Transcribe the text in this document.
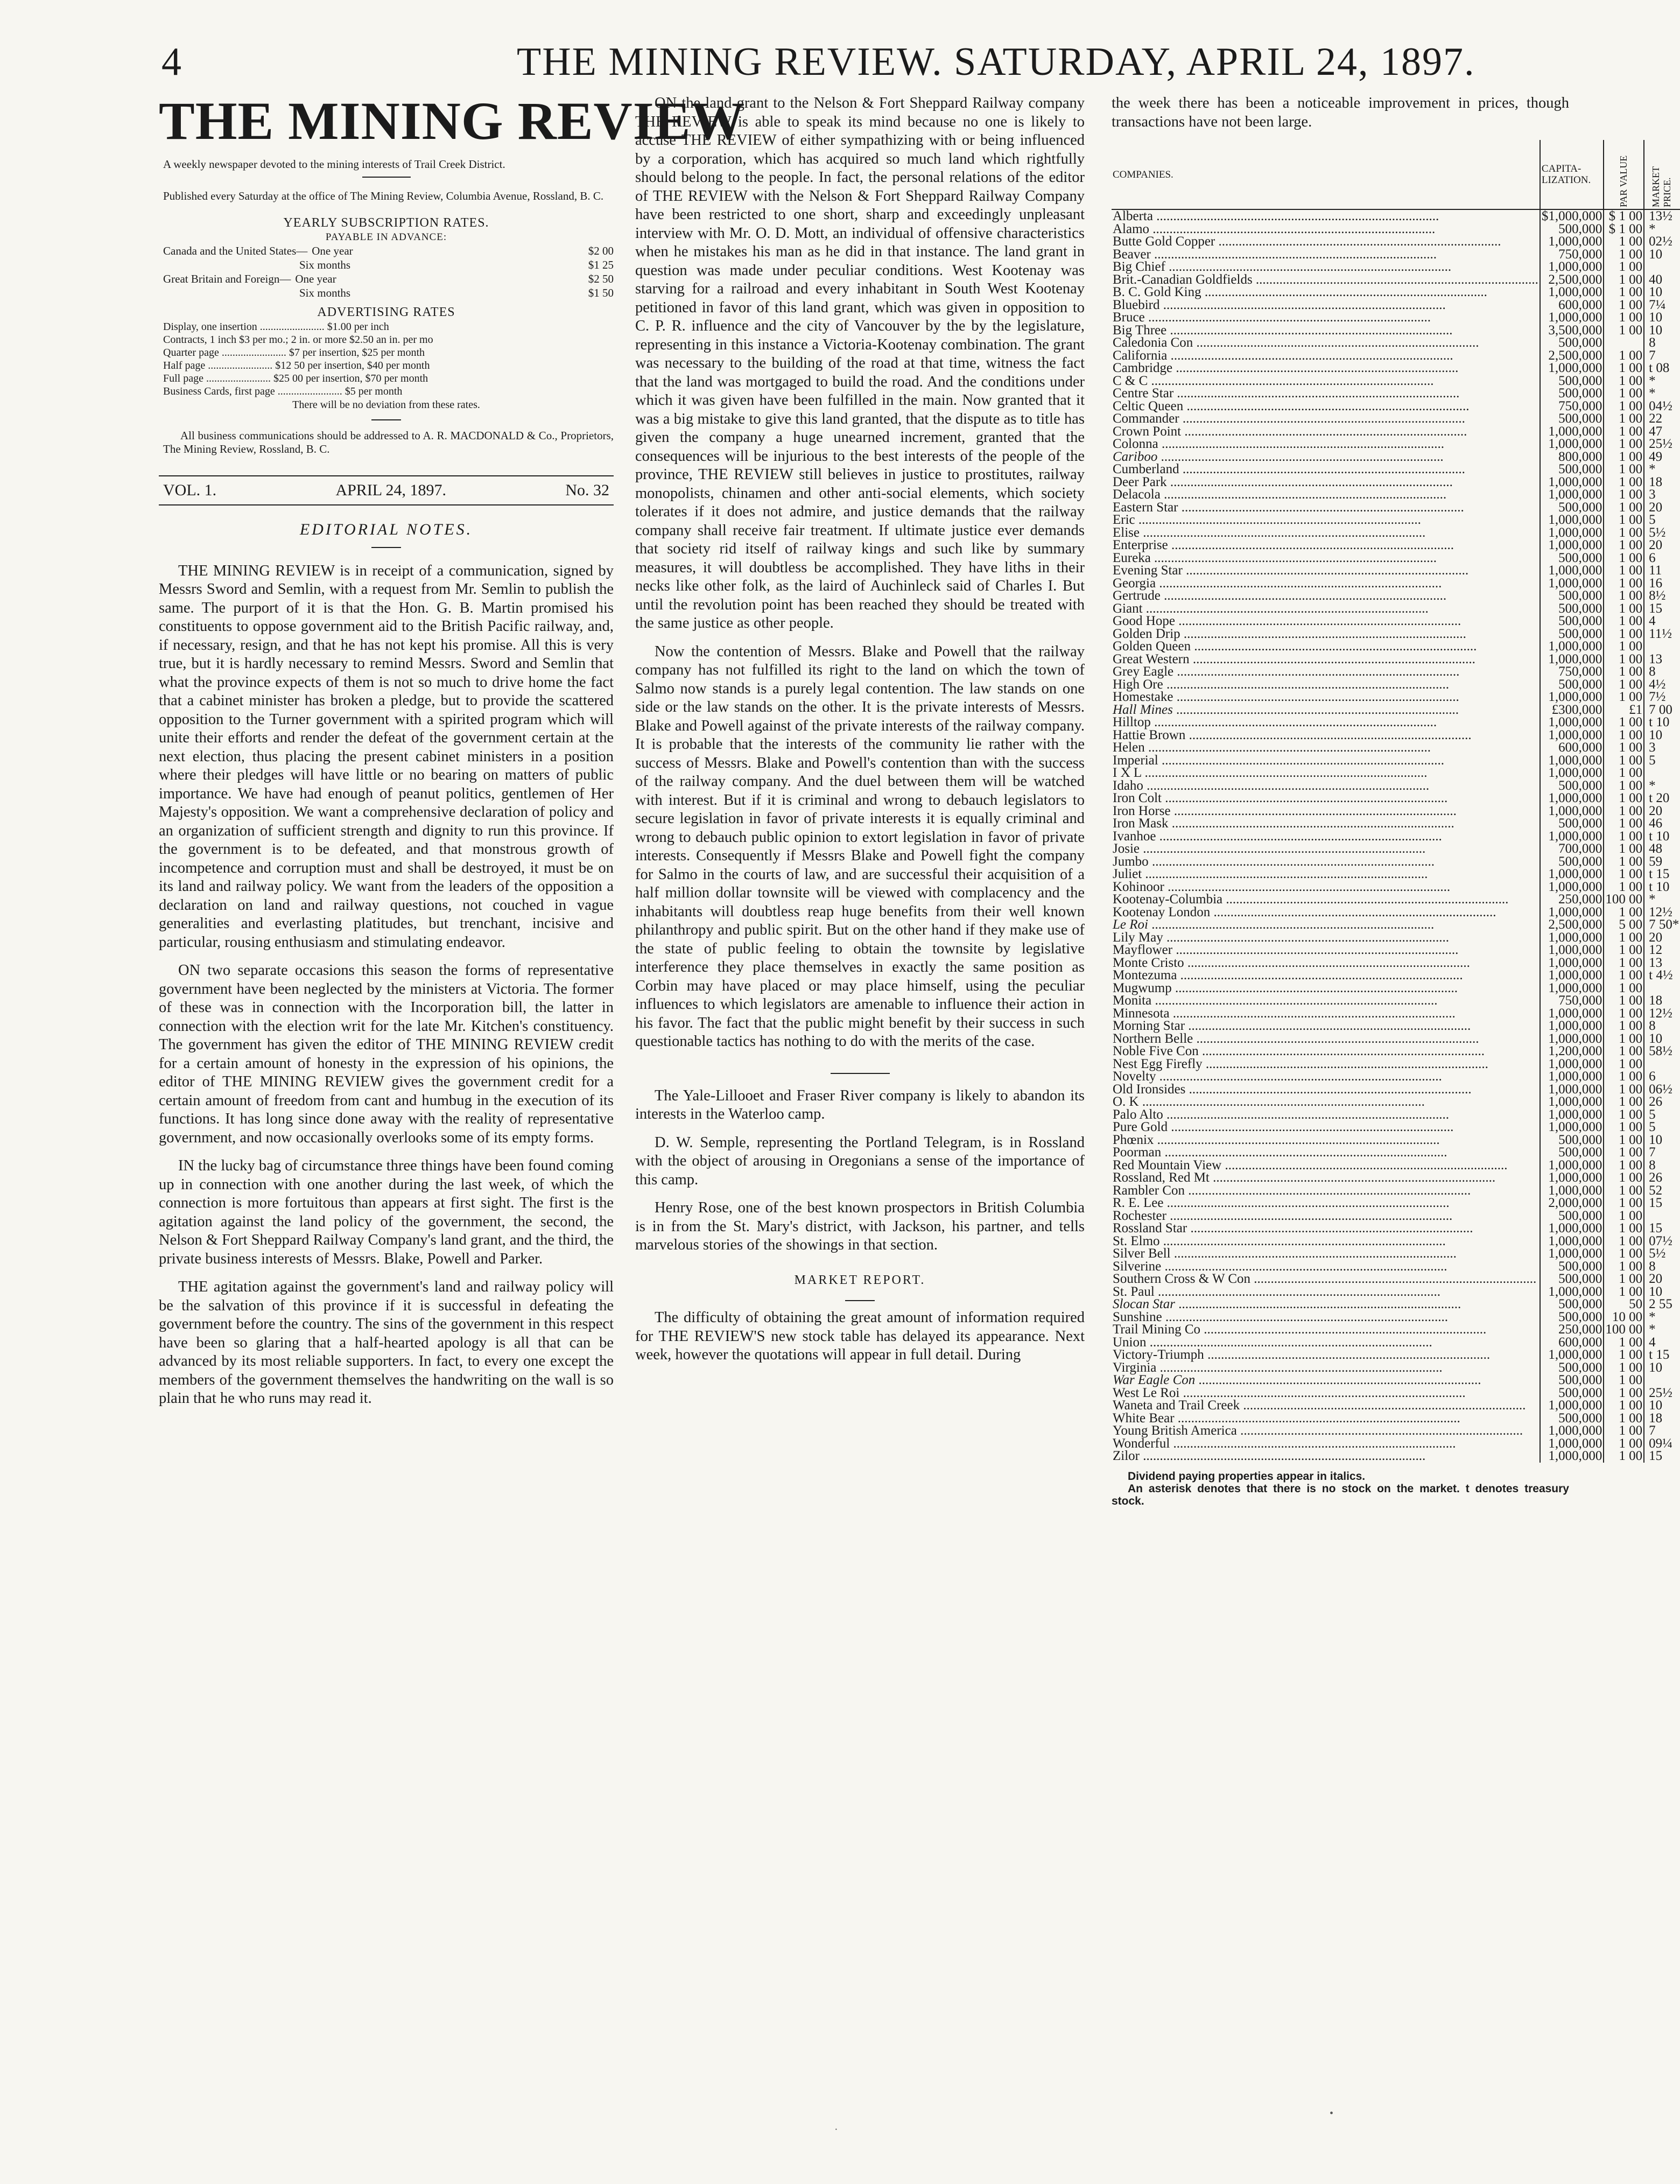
4	THE MINING REVIEW. SATURDAY, APRIL 24, 1897.
THE MINING REVIEW
A weekly newspaper devoted to the mining interests of Trail Creek District.
Published every Saturday at the office of The Mining Review, Columbia Avenue, Rossland, B. C.
YEARLY SUBSCRIPTION RATES.
PAYABLE IN ADVANCE:
Canada and the United States— One year	$2 00
Six months	$1 25
Great Britain and Foreign— One year	$2 50
Six months	$1 50
ADVERTISING RATES
Display, one insertion ........................ $1.00 per inch
Contracts, 1 inch $3 per mo.; 2 in. or more $2.50 an in. per mo
Quarter page ........................ $7 per insertion, $25 per month
Half page ........................ $12 50 per insertion, $40 per month
Full page ........................ $25 00 per insertion, $70 per month
Business Cards, first page ........................ $5 per month
There will be no deviation from these rates.
All business communications should be addressed to A. R. MACDONALD & Co., Proprietors, The Mining Review, Rossland, B. C.
VOL. 1.	APRIL 24, 1897.	No. 32
EDITORIAL NOTES.

THE MINING REVIEW is in receipt of a communication, signed by Messrs Sword and Semlin, with a request from Mr. Semlin to publish the same. The purport of it is that the Hon. G. B. Martin promised his constituents to oppose government aid to the British Pacific railway, and, if necessary, resign, and that he has not kept his promise. All this is very true, but it is hardly necessary to remind Messrs. Sword and Semlin that what the province expects of them is not so much to drive home the fact that a cabinet minister has broken a pledge, but to provide the scattered opposition to the Turner government with a spirited program which will unite their efforts and render the defeat of the government certain at the next election, thus placing the present cabinet ministers in a position where their pledges will have little or no bearing on matters of public importance. We have had enough of peanut politics, gentlemen of Her Majesty's opposition. We want a comprehensive declaration of policy and an organization of sufficient strength and dignity to run this province. If the government is to be defeated, and that monstrous growth of incompetence and corruption must and shall be destroyed, it must be on its land and railway policy. We want from the leaders of the opposition a declaration on land and railway questions, not couched in vague generalities and everlasting platitudes, but trenchant, incisive and particular, rousing enthusiasm and stimulating endeavor.

ON two separate occasions this season the forms of representative government have been neglected by the ministers at Victoria. The former of these was in connection with the Incorporation bill, the latter in connection with the election writ for the late Mr. Kitchen's constituency. The government has given the editor of THE MINING REVIEW credit for a certain amount of honesty in the expression of his opinions, the editor of THE MINING REVIEW gives the government credit for a certain amount of freedom from cant and humbug in the execution of its functions. It has long since done away with the reality of representative government, and now occasionally overlooks some of its empty forms.

IN the lucky bag of circumstance three things have been found coming up in connection with one another during the last week, of which the connection is more fortuitous than appears at first sight. The first is the agitation against the land policy of the government, the second, the Nelson & Fort Sheppard Railway Company's land grant, and the third, the private business interests of Messrs. Blake, Powell and Parker.

THE agitation against the government's land and railway policy will be the salvation of this province if it is successful in defeating the government before the country. The sins of the government in this respect have been so glaring that a half-hearted apology is all that can be advanced by its most reliable supporters. In fact, to every one except the members of the government themselves the handwriting on the wall is so plain that he who runs may read it.

ON the land grant to the Nelson & Fort Sheppard Railway company THE REVIEW is able to speak its mind because no one is likely to accuse THE REVIEW of either sympathizing with or being influenced by a corporation, which has acquired so much land which rightfully should belong to the people. In fact, the personal relations of the editor of THE REVIEW with the Nelson & Fort Sheppard Railway Company have been restricted to one short, sharp and exceedingly unpleasant interview with Mr. O. D. Mott, an individual of offensive characteristics when he mistakes his man as he did in that instance. The land grant in question was made under peculiar conditions. West Kootenay was starving for a railroad and every inhabitant in South West Kootenay petitioned in favor of this land grant, which was given in opposition to C. P. R. influence and the city of Vancouver by the by the legislature, representing in this instance a Victoria-Kootenay combination. The grant was necessary to the building of the road at that time, witness the fact that the land was mortgaged to build the road. And the conditions under which it was given have been fulfilled in the main. Now granted that it was a big mistake to give this land granted, that the dispute as to title has given the company a huge unearned increment, granted that the consequences will be injurious to the best interests of the people of the province, THE REVIEW still believes in justice to prostitutes, railway monopolists, chinamen and other anti-social elements, which society tolerates if it does not admire, and justice demands that the railway company shall receive fair treatment. If ultimate justice ever demands that society rid itself of railway kings and such like by summary measures, it will doubtless be accomplished. They have liths in their necks like other folk, as the laird of Auchinleck said of Charles I. But until the revolution point has been reached they should be treated with the same justice as other people.

Now the contention of Messrs. Blake and Powell that the railway company has not fulfilled its right to the land on which the town of Salmo now stands is a purely legal contention. The law stands on one side or the law stands on the other. It is the private interests of Messrs. Blake and Powell against of the private interests of the railway company. It is probable that the interests of the community lie rather with the success of Messrs. Blake and Powell's contention than with the success of the railway company. And the duel between them will be watched with interest. But if it is criminal and wrong to debauch legislators to secure legislation in favor of private interests it is equally criminal and wrong to debauch public opinion to extort legislation in favor of private interests. Consequently if Messrs Blake and Powell fight the company for Salmo in the courts of law, and are successful their acquisition of a half million dollar townsite will be viewed with complacency and the inhabitants will doubtless reap huge benefits from their well known philanthropy and public spirit. But on the other hand if they make use of the state of public feeling to obtain the townsite by legislative interference they place themselves in exactly the same position as Corbin may have placed or may place himself, using the peculiar influences to which legislators are amenable to influence their action in his favor. The fact that the public might benefit by their success in such questionable tactics has nothing to do with the merits of the case.

The Yale-Lillooet and Fraser River company is likely to abandon its interests in the Waterloo camp.

D. W. Semple, representing the Portland Telegram, is in Rossland with the object of arousing in Oregonians a sense of the importance of this camp.

Henry Rose, one of the best known prospectors in British Columbia is in from the St. Mary's district, with Jackson, his partner, and tells marvelous stories of the showings in that section.

MARKET REPORT.

The difficulty of obtaining the great amount of information required for THE REVIEW'S new stock table has delayed its appearance. Next week, however the quotations will appear in full detail. During

the week there has been a noticeable improvement in prices, though transactions have not been large.
COMPANIES.	CAPITA-LIZATION.	PAR VALUE	MARKET PRICE.
Alberta .....	$1,000,000	$ 1 00	13½
Alamo .....	500,000	$ 1 00	*
Butte Gold Copper .....	1,000,000	1 00	02½
Beaver .....	750,000	1 00	10
Big Chief .....	1,000,000	1 00	
Brit.-Canadian Goldfields .....	2,500,000	1 00	40
B. C. Gold King .....	1,000,000	1 00	10
Bluebird .....	600,000	1 00	7¼
Bruce .....	1,000,000	1 00	10
Big Three .....	3,500,000	1 00	10
Caledonia Con .....	500,000		8
California .....	2,500,000	1 00	7
Cambridge .....	1,000,000	1 00	t 08
C & C .....	500,000	1 00	*
Centre Star .....	500,000	1 00	*
Celtic Queen .....	750,000	1 00	04½
Commander .....	500,000	1 00	22
Crown Point .....	1,000,000	1 00	47
Colonna .....	1,000,000	1 00	25½
Cariboo .....	800,000	1 00	49
Cumberland .....	500,000	1 00	*
Deer Park .....	1,000,000	1 00	18
Delacola .....	1,000,000	1 00	3
Eastern Star .....	500,000	1 00	20
Eric .....	1,000,000	1 00	5
Elise .....	1,000,000	1 00	5½
Enterprise .....	1,000,000	1 00	20
Eureka .....	500,000	1 00	6
Evening Star .....	1,000,000	1 00	11
Georgia .....	1,000,000	1 00	16
Gertrude .....	500,000	1 00	8½
Giant .....	500,000	1 00	15
Good Hope .....	500,000	1 00	4
Golden Drip .....	500,000	1 00	11½
Golden Queen .....	1,000,000	1 00	
Great Western .....	1,000,000	1 00	13
Grey Eagle .....	750,000	1 00	8
High Ore .....	500,000	1 00	4½
Homestake .....	1,000,000	1 00	7½
Hall Mines .....	£300,000	£1	7 00
Hilltop .....	1,000,000	1 00	t 10
Hattie Brown .....	1,000,000	1 00	10
Helen .....	600,000	1 00	3
Imperial .....	1,000,000	1 00	5
I X L .....	1,000,000	1 00	
Idaho .....	500,000	1 00	*
Iron Colt .....	1,000,000	1 00	t 20
Iron Horse .....	1,000,000	1 00	20
Iron Mask .....	500,000	1 00	46
Ivanhoe .....	1,000,000	1 00	t 10
Josie .....	700,000	1 00	48
Jumbo .....	500,000	1 00	59
Juliet .....	1,000,000	1 00	t 15
Kohinoor .....	1,000,000	1 00	t 10
Kootenay-Columbia .....	250,000	100 00	*
Kootenay London .....	1,000,000	1 00	12½
Le Roi .....	2,500,000	5 00	7 50*
Lily May .....	1,000,000	1 00	20
Mayflower .....	1,000,000	1 00	12
Monte Cristo .....	1,000,000	1 00	13
Montezuma .....	1,000,000	1 00	t 4½
Mugwump .....	1,000,000	1 00	
Monita .....	750,000	1 00	18
Minnesota .....	1,000,000	1 00	12½
Morning Star .....	1,000,000	1 00	8
Northern Belle .....	1,000,000	1 00	10
Noble Five Con .....	1,200,000	1 00	58½
Nest Egg Firefly .....	1,000,000	1 00	
Novelty .....	1,000,000	1 00	6
Old Ironsides .....	1,000,000	1 00	06½
O. K .....	1,000,000	1 00	26
Palo Alto .....	1,000,000	1 00	5
Pure Gold .....	1,000,000	1 00	5
Phœnix .....	500,000	1 00	10
Poorman .....	500,000	1 00	7
Red Mountain View .....	1,000,000	1 00	8
Rossland, Red Mt .....	1,000,000	1 00	26
Rambler Con .....	1,000,000	1 00	52
R. E. Lee .....	2,000,000	1 00	15
Rochester .....	500,000	1 00	
Rossland Star .....	1,000,000	1 00	15
St. Elmo .....	1,000,000	1 00	07½
Silver Bell .....	1,000,000	1 00	5½
Silverine .....	500,000	1 00	8
Southern Cross & W Con .....	500,000	1 00	20
St. Paul .....	1,000,000	1 00	10
Slocan Star .....	500,000	50	2 55
Sunshine .....	500,000	10 00	*
Trail Mining Co .....	250,000	100 00	*
Union .....	600,000	1 00	4
Victory-Triumph .....	1,000,000	1 00	t 15
Virginia .....	500,000	1 00	10
War Eagle Con .....	500,000	1 00	
West Le Roi .....	500,000	1 00	25½
Waneta and Trail Creek .....	1,000,000	1 00	10
White Bear .....	500,000	1 00	18
Young British America .....	1,000,000	1 00	7
Wonderful .....	1,000,000	1 00	09¼
Zilor .....	1,000,000	1 00	15
Dividend paying properties appear in italics.
An asterisk denotes that there is no stock on the market. t denotes treasury stock.
·
•
